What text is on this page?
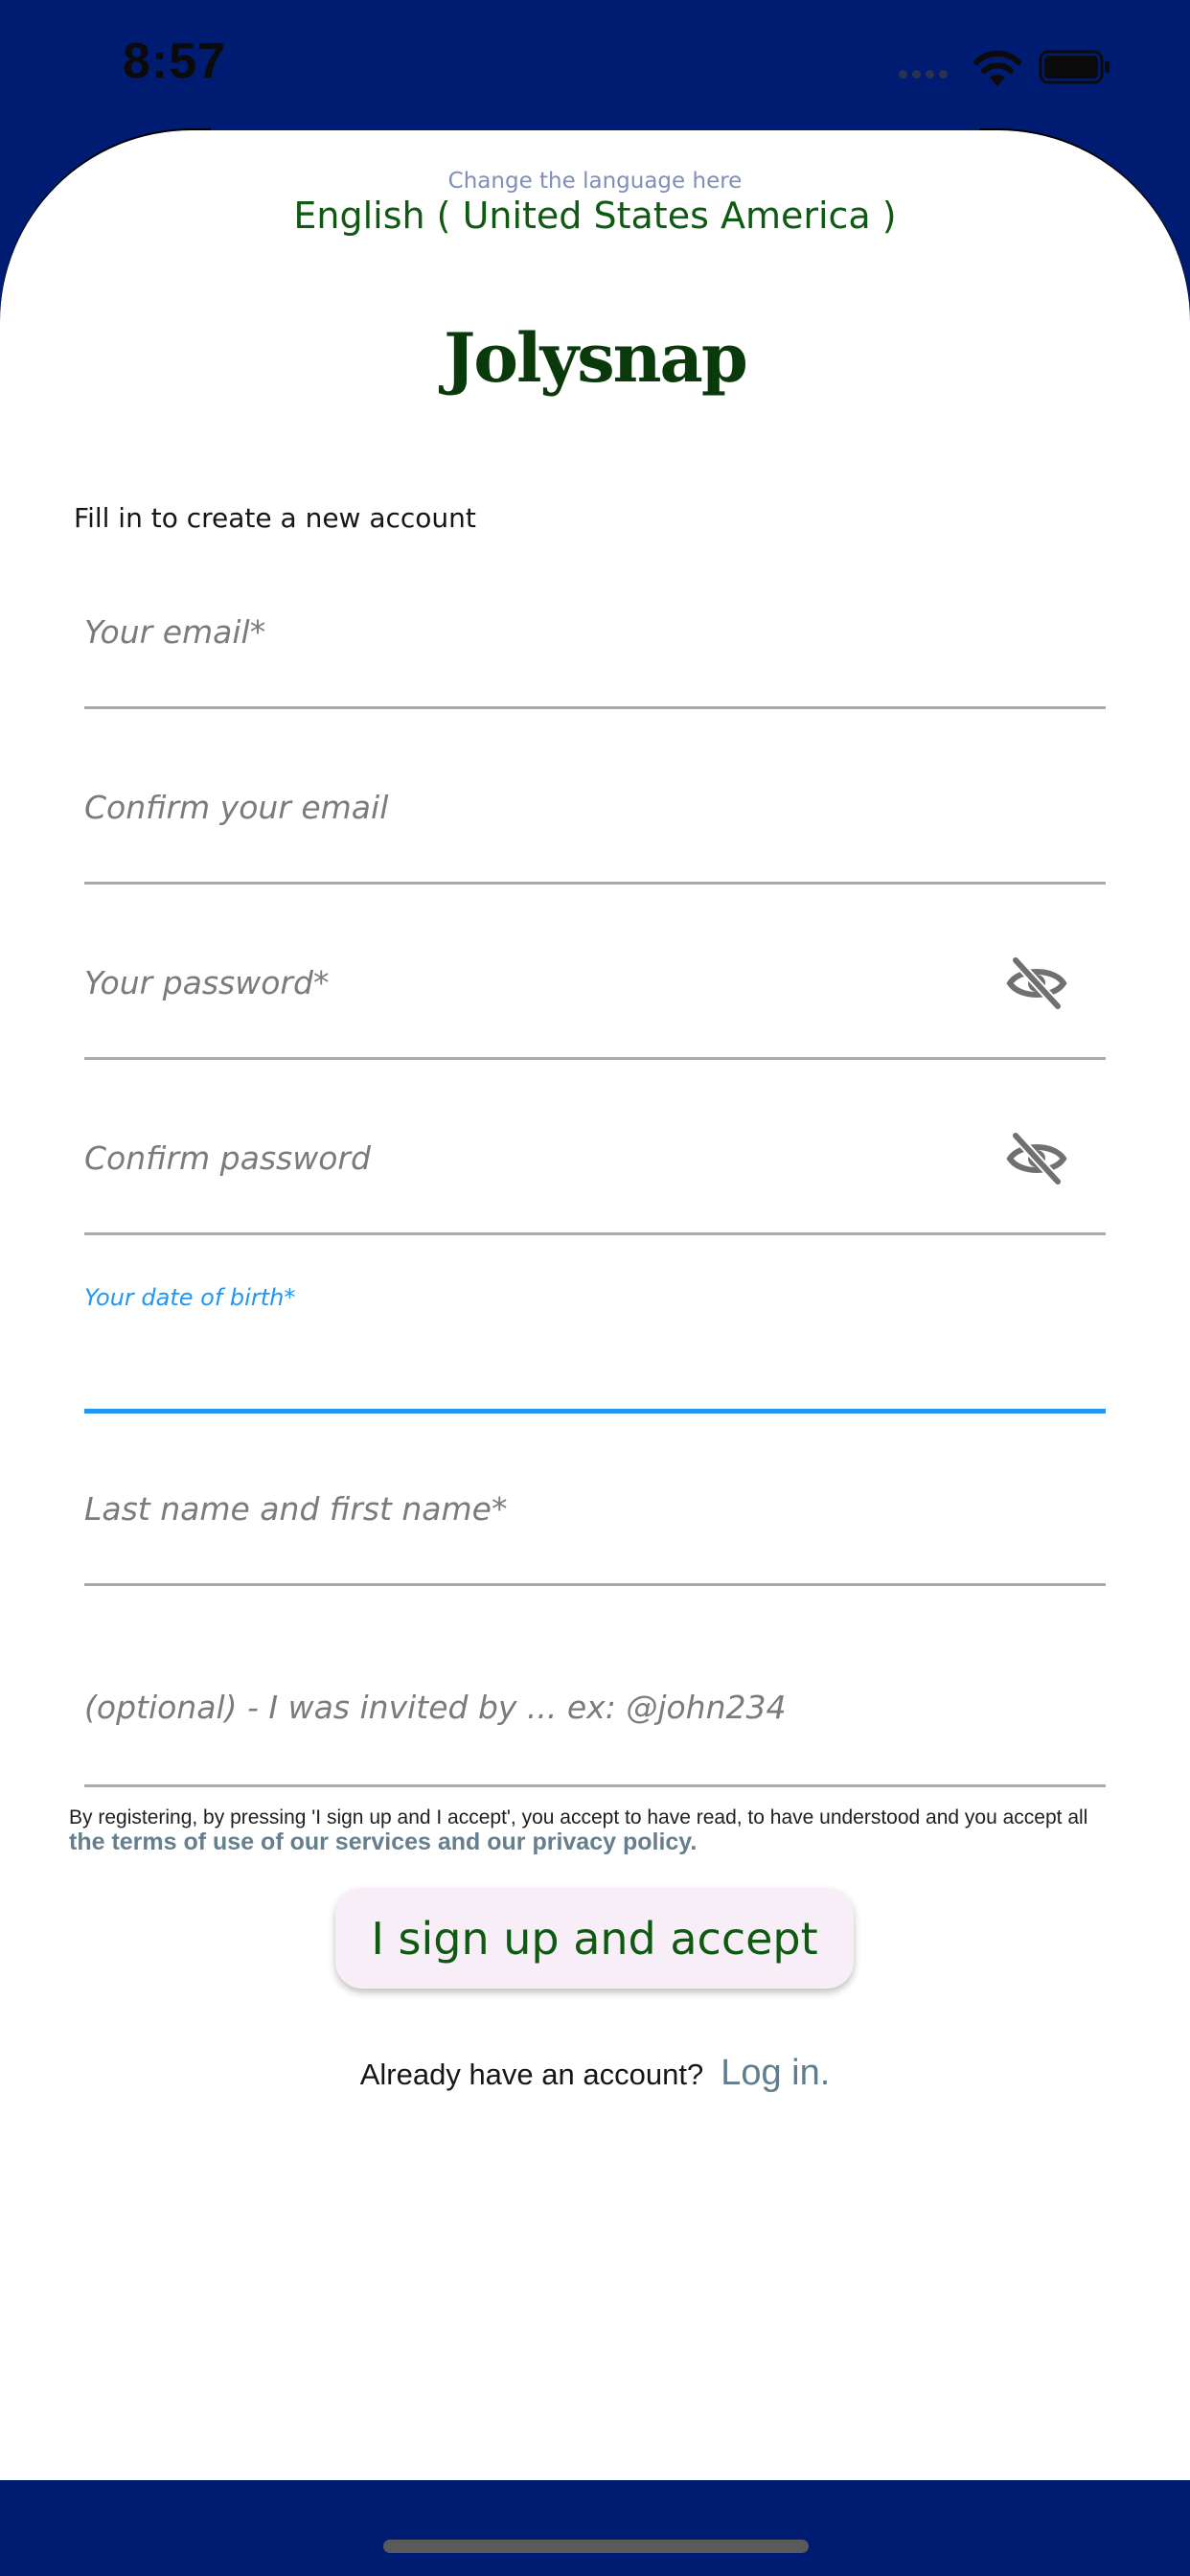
8:57
Change the language here
English ( United States America )
Jolysnap
Fill in to create a new account
Your email*
Confirm your email
Your password*
Confirm password
Your date of birth*
Last name and first name*
(optional) - I was invited by ... ex: @john234
By registering, by pressing 'I sign up and I accept', you accept to have read, to have understood and you accept all
the terms of use of our services and our privacy policy.
I sign up and accept
Already have an account? Log in.
